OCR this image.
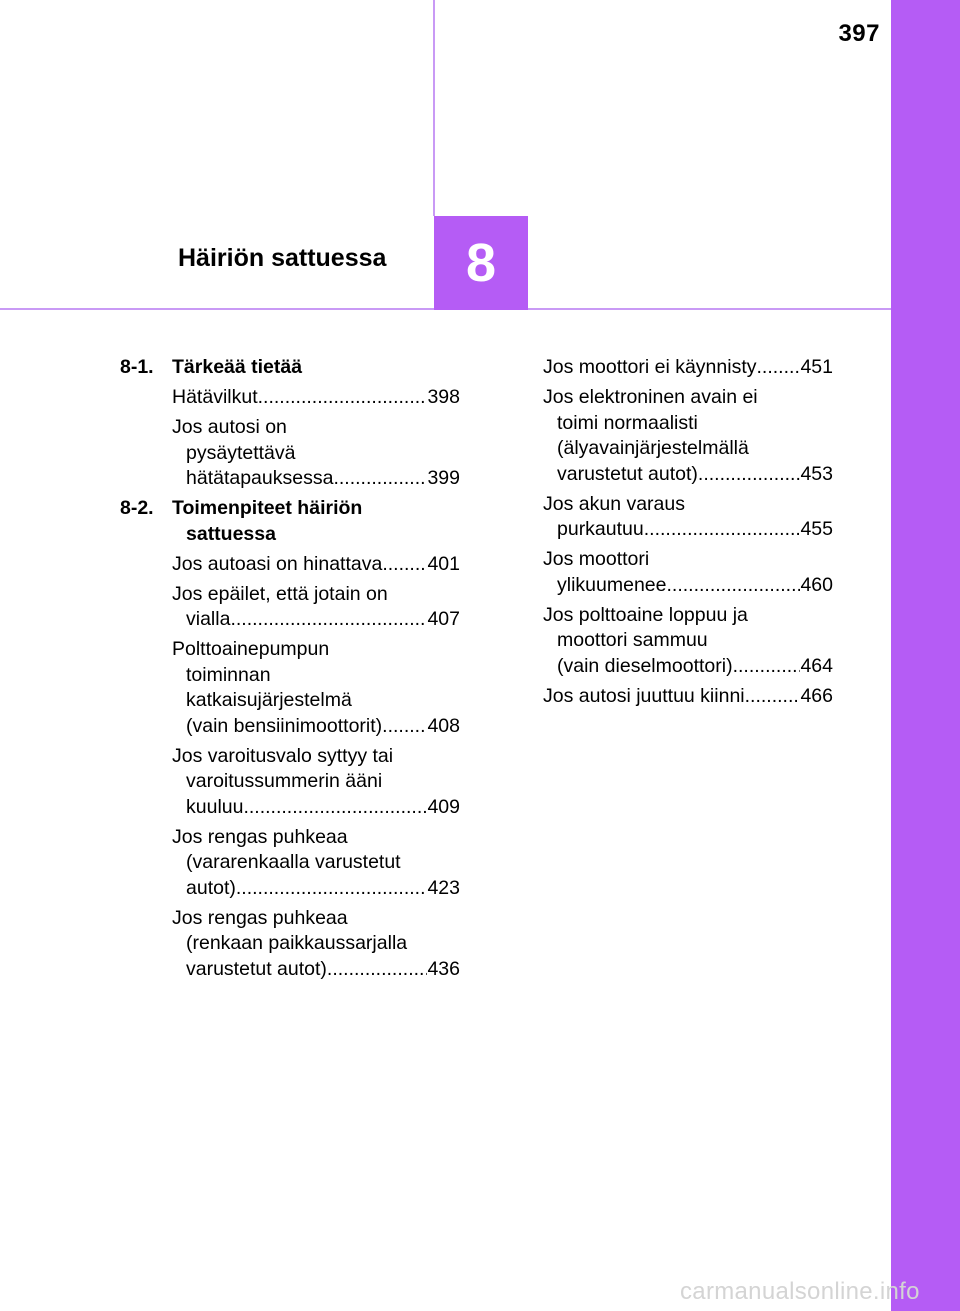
397
Häiriön sattuessa 8
8-1. Tärkeää tietää
Hätävilkut .....	398
Jos autosi on
pysäytettävä
hätätapauksessa .....	399
8-2. Toimenpiteet häiriön
sattuessa
Jos autoasi on hinattava ..... 401
Jos epäilet, että jotain on
vialla .....	407
Polttoainepumpun
toiminnan
katkaisujärjestelmä
(vain bensiinimoottorit) ..... 408
Jos varoitusvalo syttyy tai
varoitussummerin ääni
kuuluu .....	409
Jos rengas puhkeaa
(vararenkaalla varustetut
autot) .....	423
Jos rengas puhkeaa
(renkaan paikkaussarjalla
varustetut autot) .....	436
Jos moottori ei käynnisty ..... 451
Jos elektroninen avain ei
toimi normaalisti
(älyavainjärjestelmällä
varustetut autot) .....	453
Jos akun varaus
purkautuu .....	455
Jos moottori
ylikuumenee .....	460
Jos polttoaine loppuu ja
moottori sammuu
(vain dieselmoottori) .....	464
Jos autosi juuttuu kiinni .....	466
carmanualsonline.info
